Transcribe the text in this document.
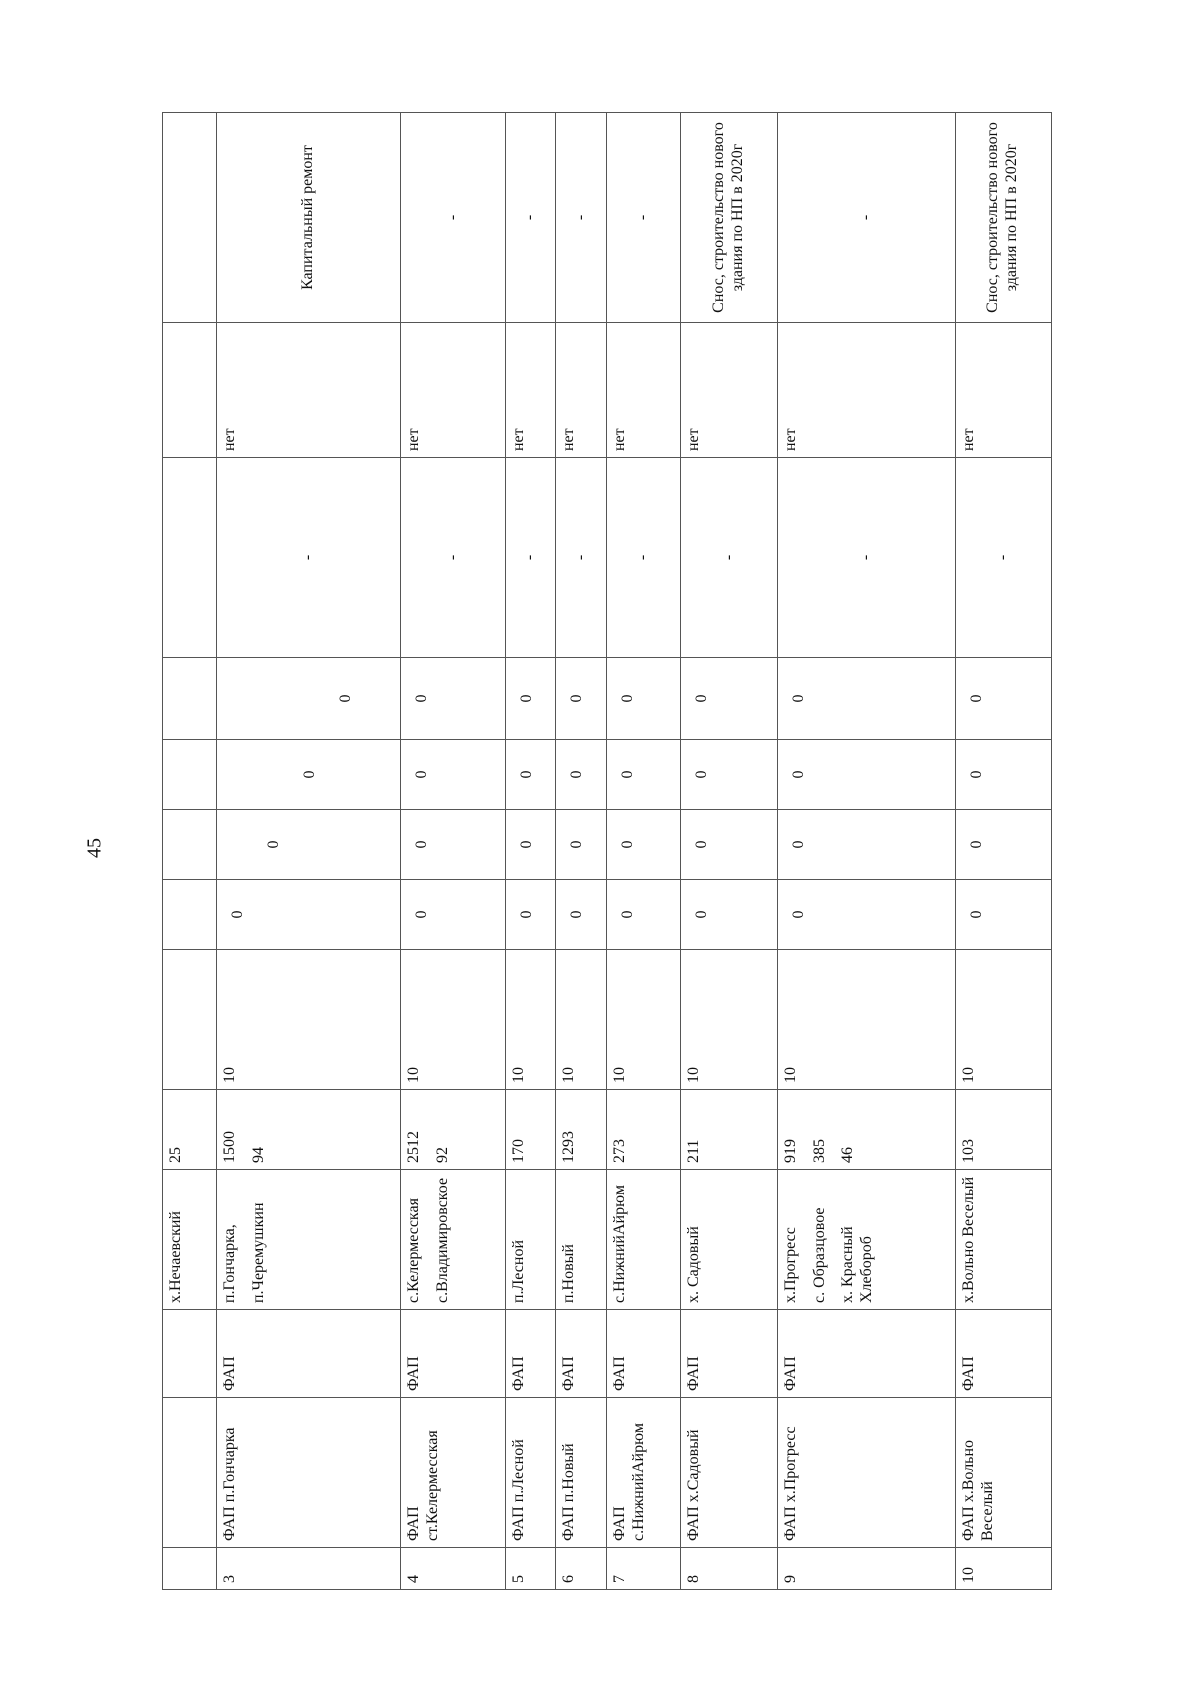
45
			х.Нечаевский	25								
3	ФАП п.Гончарка	ФАП	п.Гончарка, п.Черемушкин	1500 94	10	0	0	0	0	-	нет	Капитальный ремонт
4	ФАП ст.Келермесская	ФАП	с.Келермесская с.Владимировское	2512 92	10	0	0	0	0	-	нет	-
5	ФАП п.Лесной	ФАП	п.Лесной	170	10	0	0	0	0	-	нет	-
6	ФАП п.Новый	ФАП	п.Новый	1293	10	0	0	0	0	-	нет	-
7	ФАП с.НижнийАйрюм	ФАП	с.НижнийАйрюм	273	10	0	0	0	0	-	нет	-
8	ФАП х.Садовый	ФАП	х. Садовый	211	10	0	0	0	0	-	нет	Снос, строительство нового здания по НП в 2020г
9	ФАП х.Прогресс	ФАП	х.Прогресс с. Образцовое х. Красный Хлебороб	919 385 46	10	0	0	0	0	-	нет	-
10	ФАП х.Вольно Веселый	ФАП	х.Вольно Веселый	103	10	0	0	0	0	-	нет	Снос, строительство нового здания по НП в 2020г
